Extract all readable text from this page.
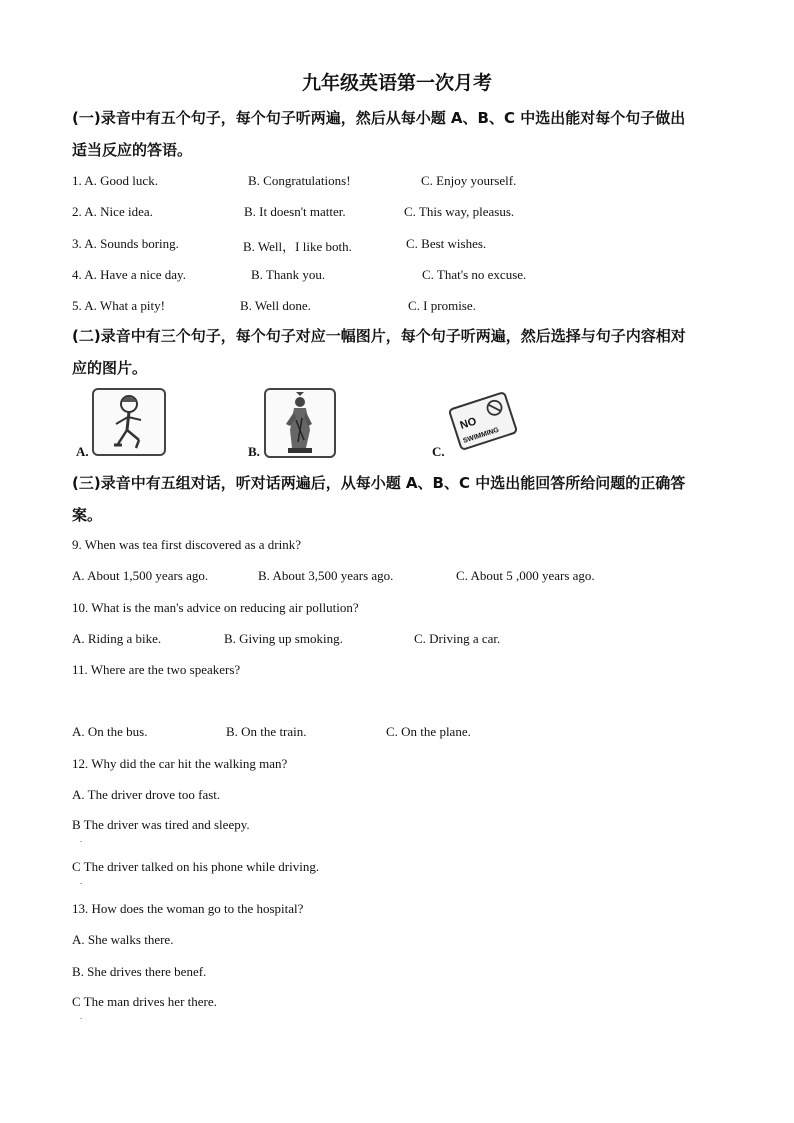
九年级英语第一次月考
(一)录音中有五个句子，每个句子听两遍，然后从每小题 A、B、C 中选出能对每个句子做出
适当反应的答语。
1. A. Good luck.	B. Congratulations!	C. Enjoy yourself.
2. A. Nice idea.	B. It doesn't matter.	C. This way, pleasus.
3. A. Sounds boring.	B. Well，I like both.	C. Best wishes.
4. A. Have a nice day.	B. Thank you.	C. That's no excuse.
5. A. What a pity!	B. Well done.	C. I promise.
(二)录音中有三个句子，每个句子对应一幅图片，每个句子听两遍，然后选择与句子内容相对
应的图片。
A.	B.	C.
NO
SWIMMING
(三)录音中有五组对话，听对话两遍后，从每小题 A、B、C 中选出能回答所给问题的正确答
案。
9. When was tea first discovered as a drink?
A. About 1,500 years ago.	B. About 3,500 years ago.	C. About 5 ,000 years ago.
10. What is the man's advice on reducing air pollution?
A. Riding a bike.	B. Giving up smoking.	C. Driving a car.
11. Where are the two speakers?
A. On the bus.	B. On the train.	C. On the plane.
12. Why did the car hit the walking man?
A. The driver drove too fast.
B The driver was tired and sleepy.
.
C The driver talked on his phone while driving.
.
13. How does the woman go to the hospital?
A. She walks there.
B. She drives there benef.
C The man drives her there.
.
